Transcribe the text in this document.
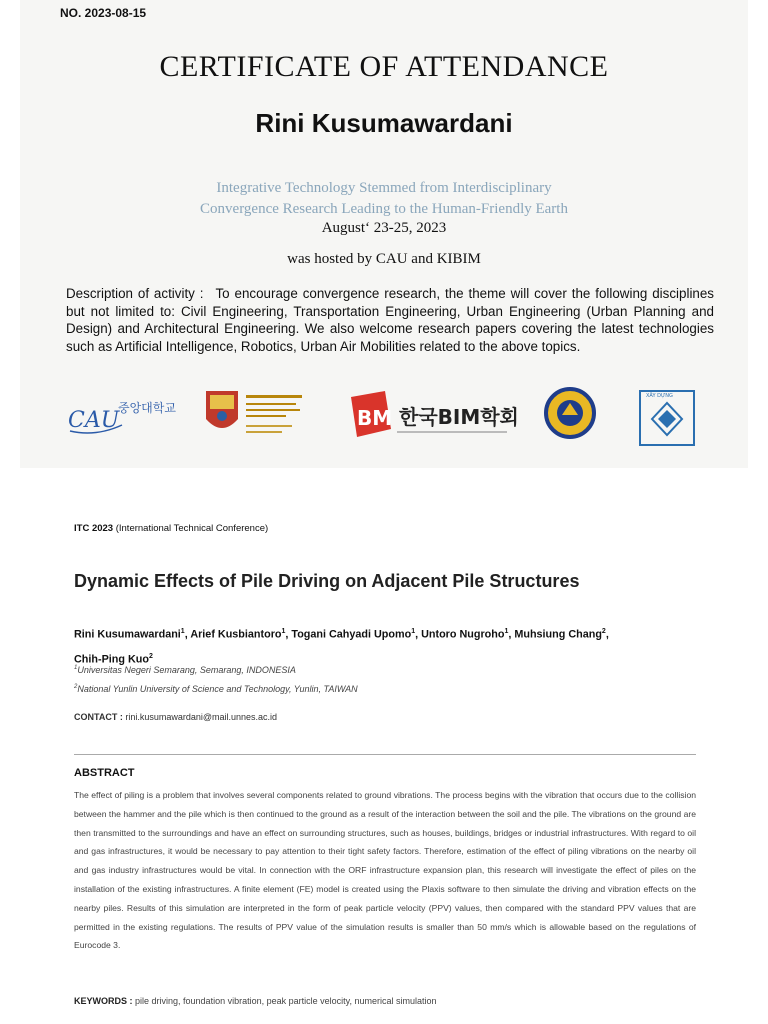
NO. 2023-08-15
CERTIFICATE OF ATTENDANCE
Rini Kusumawardani
Integrative Technology Stemmed from Interdisciplinary
Convergence Research Leading to the Human-Friendly Earth
August‘ 23-25, 2023
was hosted by CAU and KIBIM
Description of activity : To encourage convergence research, the theme will cover the following disciplines but not limited to: Civil Engineering, Transportation Engineering, Urban Engineering (Urban Planning and Design) and Architectural Engineering. We also welcome research papers covering the latest technologies such as Artificial Intelligence, Robotics, Urban Air Mobilities related to the above topics.
CAU
중앙대학교	BM 한국BIM학회
XÂY DỰNG
ITC 2023 (International Technical Conference)
Dynamic Effects of Pile Driving on Adjacent Pile Structures
Rini Kusumawardani$^1$, Arief Kusbiantoro$^1$, Togani Cahyadi Upomo$^1$, Untoro Nugroho$^1$, Muhsiung Chang$^2$,
Chih-Ping Kuo$^2$
$^1$Universitas Negeri Semarang, Semarang, INDONESIA
$^2$National Yunlin University of Science and Technology, Yunlin, TAIWAN
CONTACT : rini.kusumawardani@mail.unnes.ac.id
ABSTRACT
The effect of piling is a problem that involves several components related to ground vibrations. The process begins with the vibration that occurs due to the collision between the hammer and the pile which is then continued to the ground as a result of the interaction between the soil and the pile. The vibrations on the ground are then transmitted to the surroundings and have an effect on surrounding structures, such as houses, buildings, bridges or industrial infrastructures. With regard to oil and gas infrastructures, it would be necessary to pay attention to their tight safety factors. Therefore, estimation of the effect of piling vibrations on the nearby oil and gas industry infrastructures would be vital. In connection with the ORF infrastructure expansion plan, this research will investigate the effect of piles on the installation of the existing infrastructures. A finite element (FE) model is created using the Plaxis software to then simulate the driving and vibration effects on the nearby piles. Results of this simulation are interpreted in the form of peak particle velocity (PPV) values, then compared with the standard PPV values that are permitted in the existing regulations. The results of PPV value of the simulation results is smaller than 50 mm/s which is allowable based on the regulations of Eurocode 3.
KEYWORDS : pile driving, foundation vibration, peak particle velocity, numerical simulation
